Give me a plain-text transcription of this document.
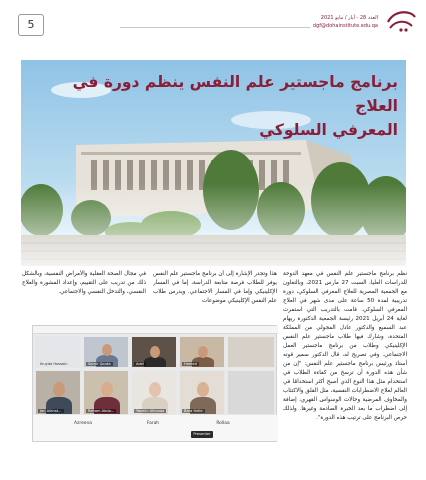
5	العدد 28 - أيار / مايو 2021
dgf@dohainstitute.edu.qa
برنامج ماجستير علم النفس ينظم دورة في العلاج
المعرفي السلوكي
نظم برنامج ماجستير علم النفس في معهد الدوحة للدراسات العليا، السبت 27 مارس 2021، وبالتعاون مع الجمعية المصرية للعلاج المعرفي السلوكي، دورة تدريبية لمدة 50 ساعة على مدى شهر في العلاج المعرفي السلوكي. قامت بالتدريب التي استمرت لغاية 24 أبريل 2021 رئيسة الجمعية الدكتورة ريهام عبد السميع والدكتور عادل المجولي من المملكة المتحدة، وشارك فيها طلاب ماجستير علم النفس الإكلينيكي وطلاب من برنامج ماجستير العمل الاجتماعي. وفي تصريح له، قال الدكتور سمير قوته أستاذ ورئيس برنامج ماجستير علم النفس: "إن من شأن هذه الدورة أن ترسخ من كفاءة الطلاب في استخدام مثل هذا النوع الذي أصبح أكثر استخدامًا في العالم لعلاج الاضطرابات النفسية، مثل القلق والاكتئاب والمخاوف المرضية وحالات الوسواس القهري، إضافة إلى اضطراب ما بعد الخبرة الصادمة وغيرها. ولذلك حرص البرنامج على ترتيب هذه الدورة".
هذا وتجدر الإشارة إلى أن برنامج ماجستير علم النفس يوفر للطلاب فرصة متابعة الدراسة، إما في المسار الإكلينيكي وإما في المسار الاجتماعي. ويدرس طلاب علم النفس الإكلينيكي موضوعات
في مجال الصحة العقلية والأمراض النفسية، وبالشكل ذلك من تدريب على التقييم، وإعداد المشورة والعلاج النفسي، والتدخل النفسي والاجتماعي.
Ihuyda Hossein	Samir Qouta	Adel	Hamed
Jan Alkhat...	Reham Abdo...	Yasmin Alhooqa	Bara Helle
Azreena	Farah	Rollaa
Presenter
